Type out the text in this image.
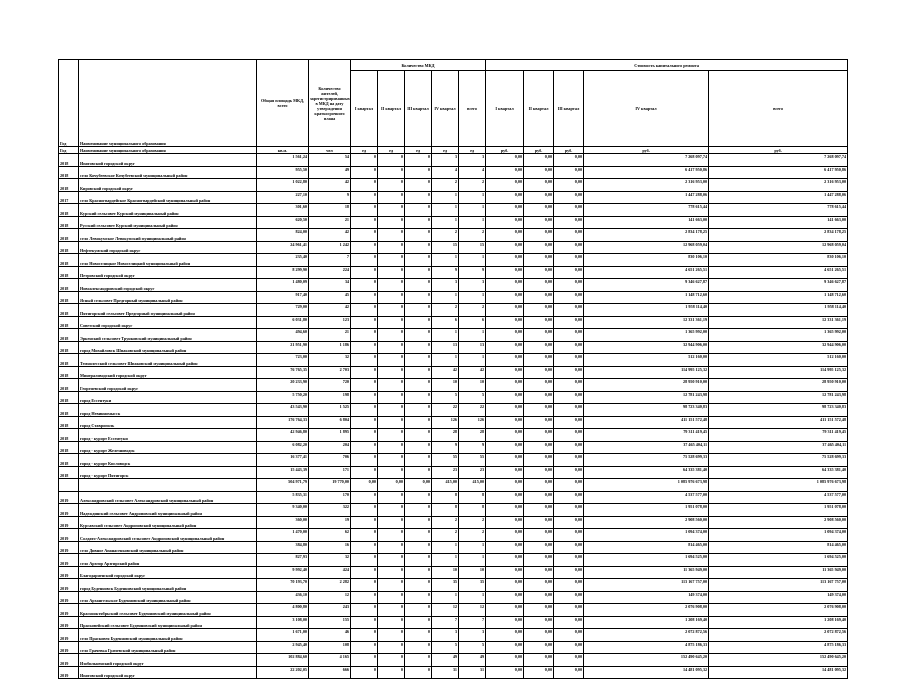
Год	Наименование муниципального образования	Общая площадь МКД, всего	Количество жителей, зарегистрированных в МКД на дату утверждения краткосрочного плана	Количество МКД					Стоимость капитального ремонта				
				I квартал	II квартал	III квартал	IV квартал	всего	I квартал	II квартал	III квартал	IV квартал	всего
Год	Наименование муниципального образования	кв.м.	чел	ед	ед	ед	ед	ед	руб.	руб.	руб.	руб.	руб.
2018	Ипатовский городской округ	1 561,24	54	0	0	0	3	3	0,00	0,00	0,00	7 268 097,74	7 268 097,74
2018	село Кочубеевское Кочубеевский муниципальный район	955,50	49	0	0	0	4	4	0,00	0,00	0,00	6 417 950,86	6 417 950,86
2018	Кировский городской округ	1 022,80	42	0	0	0	2	2	0,00	0,00	0,00	2 316 953,00	2 316 953,00
2017	село Красногвардейское Красногвардейский муниципальный район	227,10	9	0	0	0	1	1	0,00	0,00	0,00	1 447 288,06	1 447 288,06
2018	Курский сельсовет Курский муниципальный район	301,60	18	0	0	0	1	1	0,00	0,00	0,00	778 615,44	778 615,44
2018	Русский сельсовет Курский муниципальный район	620,50	21	0	0	0	1	1	0,00	0,00	0,00	141 663,00	141 663,00
2018	село Левокумское Левокумский муниципальный район	824,00	42	0	0	0	2	2	0,00	0,00	0,00	2 834 178,25	2 834 178,25
2018	Нефтекумский городской округ	24 961,41	1 242	0	0	0	15	15	0,00	0,00	0,00	12 968 059,04	12 968 059,04
2018	село Новоселицкое Новоселицкий муниципальный район	235,40	7	0	0	0	1	1	0,00	0,00	0,00	830 106,10	830 106,10
2018	Петровский городской округ	8 299,90	224	0	0	0	9	9	0,00	0,00	0,00	4 651 265,51	4 651 265,51
2018	Новоалександровский городской округ	1 480,09	34	0	0	0	3	3	0,00	0,00	0,00	9 346 627,87	9 346 627,87
2018	Ясный сельсовет Предгорный муниципальный район	917,40	45	0	0	0	1	1	0,00	0,00	0,00	1 148 712,60	1 148 712,60
2018	Пятигорский сельсовет Предгорный муниципальный район	729,00	42	0	0	0	2	2	0,00	0,00	0,00	1 958 114,40	1 958 114,40
2018	Советский городской округ	6 031,80	123	0	0	0	6	6	0,00	0,00	0,00	12 331 361,19	12 331 361,19
2018	Эркенский сельсовет Трунковский муниципальный район	494,60	21	0	0	0	1	1	0,00	0,00	0,00	1 365 992,00	1 365 992,00
2018	город Михайловск Шпаковский муниципальный район	21 951,90	1 186	0	0	0	13	13	0,00	0,00	0,00	32 944 906,00	32 944 906,00
2018	Темнолесский сельсовет Шпаковский муниципальный район	723,00	32	0	0	0	1	1	0,00	0,00	0,00	512 160,00	512 160,00
2018	Минераловодский городской округ	76 765,35	2 703	0	0	0	42	42	0,00	0,00	0,00	114 995 125,32	114 995 125,32
2018	Георгиевский городской округ	20 233,90	720	0	0	0	10	10	0,00	0,00	0,00	28 950 910,00	28 950 910,00
2018	город Ессентуки	5 750,20	198	0	0	0	5	5	0,00	0,00	0,00	12 781 243,98	12 781 243,98
2018	город Невинномысск	43 543,90	1 525	0	0	0	22	22	0,00	0,00	0,00	98 723 340,83	98 723 340,83
2018	город Ставрополь	176 764,33	6 804	0	0	0	126	126	0,00	0,00	0,00	411 151 572,48	411 151 572,48
2018	город - курорт Ессентуки	42 946,80	1 895	0	0	0	28	28	0,00	0,00	0,00	79 311 419,45	79 311 419,45
2018	город - курорт Железноводск	6 082,20	204	0	0	0	9	9	0,00	0,00	0,00	37 465 404,11	37 465 404,11
2018	город - курорт Кисловодск	16 377,41	706	0	0	0	55	55	0,00	0,00	0,00	75 528 699,33	75 528 699,33
2018	город - курорт Пятигорск	15 443,39	171	0	0	0	23	23	0,00	0,00	0,00	64 335 381,40	64 335 381,40
		504 971,79	19 770,00	0,00	0,00	0,00	415,00	415,00	0,00	0,00	0,00	1 085 976 673,98	1 085 976 673,98
2019	Александровский сельсовет Александровский муниципальный район	5 835,31	170	0	0	0	8	8	0,00	0,00	0,00	4 537 577,00	4 537 577,00
2019	Надеждинский сельсовет Андроповский муниципальный район	9 340,00	322	0	0	0	8	8	0,00	0,00	0,00	1 951 078,00	1 951 078,00
2019	Курсавский сельсовет Андроповский муниципальный район	360,00	19	0	0	0	2	2	0,00	0,00	0,00	2 908 560,00	2 908 560,00
2019	Солдато-Александровский сельсовет Андроповский муниципальный район	1 470,00	62	0	0	0	2	2	0,00	0,00	0,00	1 094 374,00	1 094 374,00
2019	село Дивное Апанасенковский муниципальный район	384,80	16	0	0	0	1	1	0,00	0,00	0,00	814 465,00	814 465,00
2019	село Арзгир Арзгирский район	827,93	32	0	0	0	1	1	0,00	0,00	0,00	1 694 525,00	1 694 525,00
2019	Благодарненский городской округ	9 992,40	424	0	0	0	10	10	0,00	0,00	0,00	11 365 949,00	11 365 949,00
2019	город Буденновск Буденновский муниципальный район	70 193,70	2 282	0	0	0	35	35	0,00	0,00	0,00	113 167 757,00	113 167 757,00
2019	село Архангельское Буденновский муниципальный район	436,10	12	0	0	0	1	1	0,00	0,00	0,00	149 374,00	149 374,00
2019	Краснооктябрьский сельсовет Буденновский муниципальный район	4 800,80	243	0	0	0	12	12	0,00	0,00	0,00	2 076 908,00	2 076 908,00
2019	Прасковейский сельсовет Буденновский муниципальный район	3 108,00	155	0	0	0	7	7	0,00	0,00	0,00	1 208 169,40	1 208 169,40
2019	село Прасковея Буденновский муниципальный район	1 671,00	46	0	0	0	3	3	0,00	0,00	0,00	2 072 872,56	2 072 872,56
2019	село Грачевка Грачевский муниципальный район	2 945,40	108	0	0	0	5	5	0,00	0,00	0,00	4 875 186,33	4 875 186,33
2019	Изобильненский городской округ	102 884,60	4 165	0	0	0	49	49	0,00	0,00	0,00	152 490 645,20	152 490 645,20
2019	Ипатовский городской округ	22 202,05	666	0	0	0	31	31	0,00	0,00	0,00	14 481 095,32	14 481 095,32
